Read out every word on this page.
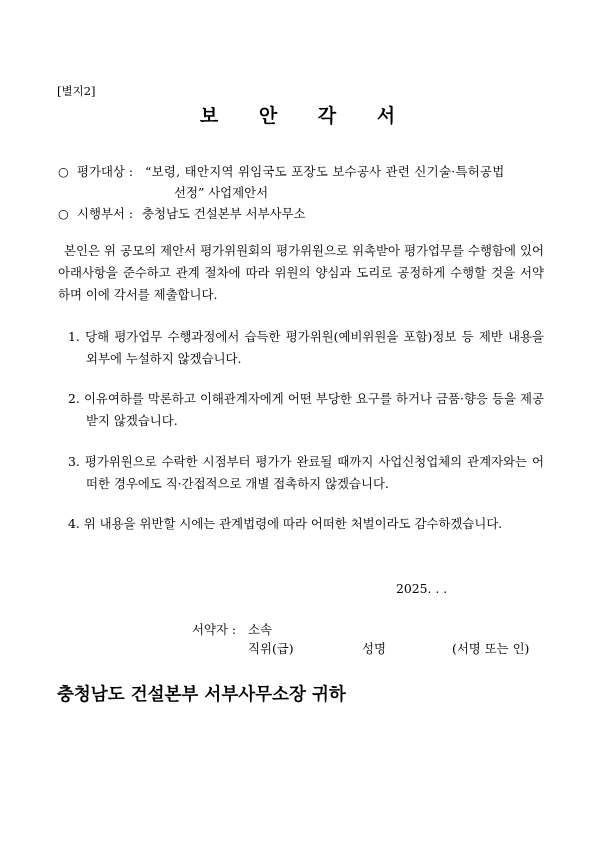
[별지2]
보 안 각 서
○ 평가대상 : “보령, 태안지역 위임국도 포장도 보수공사 관련 신기술·특허공법
선정” 사업제안서
○ 시행부서 : 충청남도 건설본부 서부사무소
본인은 위 공모의 제안서 평가위원회의 평가위원으로 위촉받아 평가업무를 수행함에 있어 아래사항을 준수하고 관계 절차에 따라 위원의 양심과 도리로 공정하게 수행할 것을 서약하며 이에 각서를 제출합니다.
1. 당해 평가업무 수행과정에서 습득한 평가위원(예비위원을 포함)정보 등 제반 내용을 외부에 누설하지 않겠습니다.
2. 이유여하를 막론하고 이해관계자에게 어떤 부당한 요구를 하거나 금품·향응 등을 제공받지 않겠습니다.
3. 평가위원으로 수락한 시점부터 평가가 완료될 때까지 사업신청업체의 관계자와는 어떠한 경우에도 직·간접적으로 개별 접촉하지 않겠습니다.
4. 위 내용을 위반할 시에는 관계법령에 따라 어떠한 처벌이라도 감수하겠습니다.
2025. . .
서약자 : 소속
직위(급)	성명	(서명 또는 인)
충청남도 건설본부 서부사무소장 귀하
